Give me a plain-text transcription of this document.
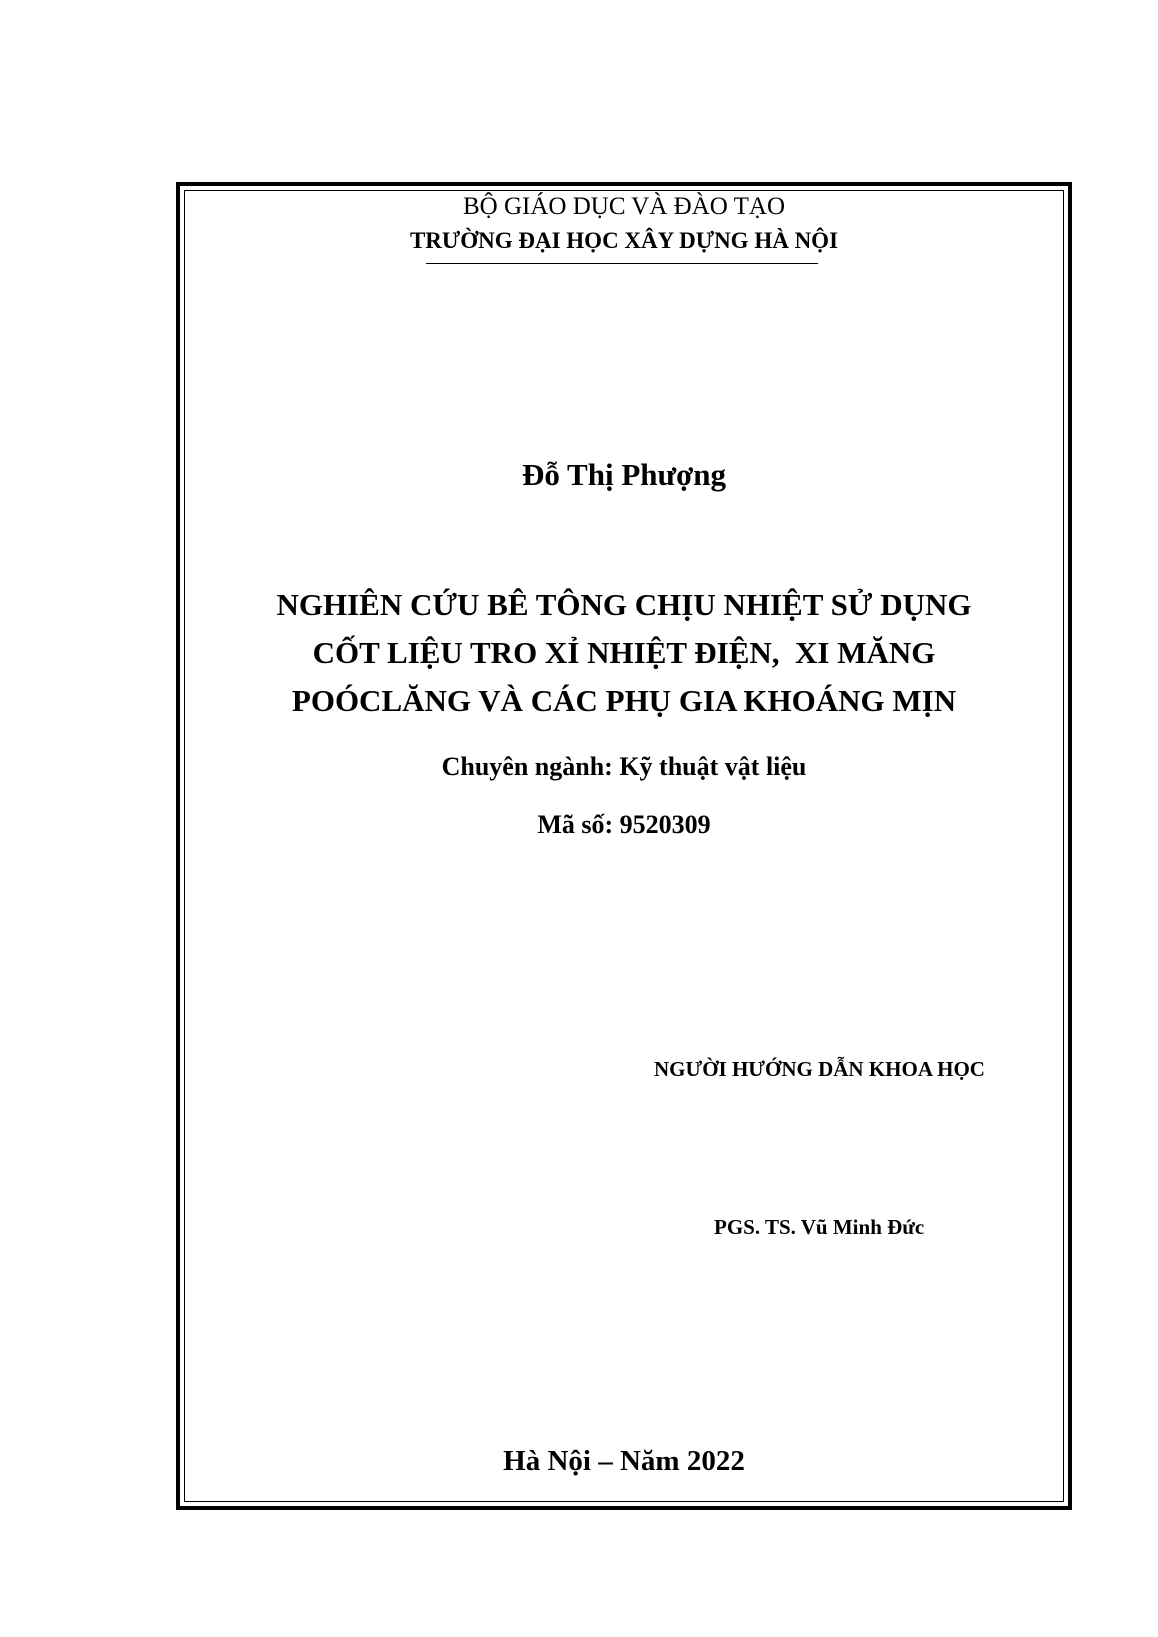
BỘ GIÁO DỤC VÀ ĐÀO TẠO
TRƯỜNG ĐẠI HỌC XÂY DỰNG HÀ NỘI
Đỗ Thị Phượng
NGHIÊN CỨU BÊ TÔNG CHỊU NHIỆT SỬ DỤNG
CỐT LIỆU TRO XỈ NHIỆT ĐIỆN,  XI MĂNG
POÓCLĂNG VÀ CÁC PHỤ GIA KHOÁNG MỊN
Chuyên ngành: Kỹ thuật vật liệu
Mã số: 9520309
NGƯỜI HƯỚNG DẪN KHOA HỌC
PGS. TS. Vũ Minh Đức
Hà Nội – Năm 2022
